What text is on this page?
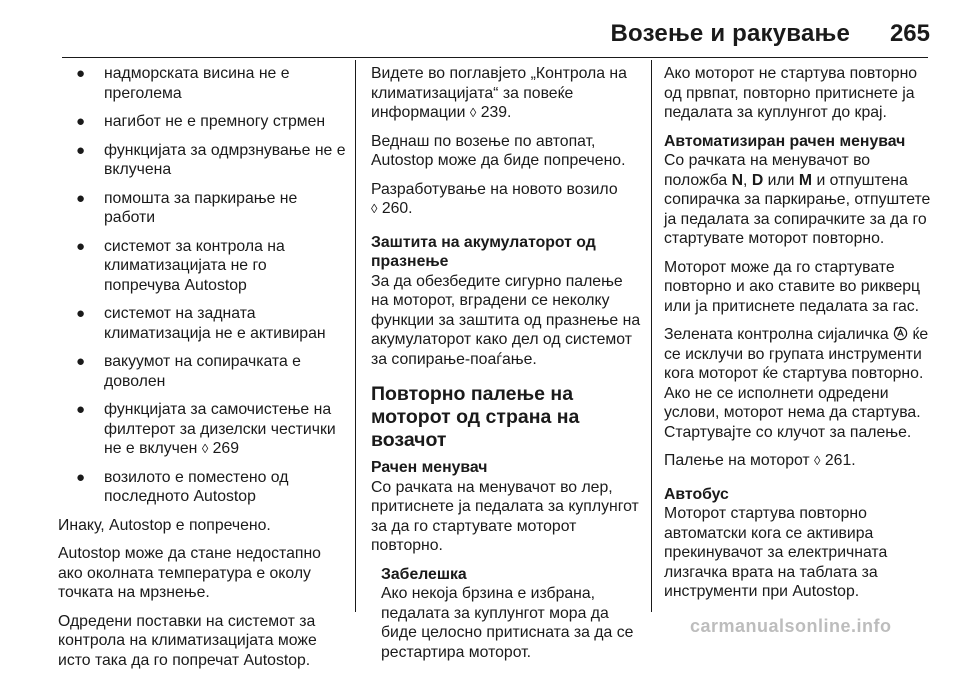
Возење и ракување 265
● надморската висина не е преголема
● нагибот не е премногу стрмен
● функцијата за одмрзнување не е вклучена
● помошта за паркирање не работи
● системот за контрола на климатизацијата не го попречува Autostop
● системот на задната климатизација не е активиран
● вакуумот на сопирачката е доволен
● функцијата за самочистење на филтерот за дизелски честички не е вклучен ◊ 269
● возилото е поместено од последното Autostop

Инаку, Autostop е попречено.

Autostop може да стане недостапно ако околната температура е околу точката на мрзнење.

Одредени поставки на системот за контрола на климатизацијата може исто така да го попречат Autostop.

Видете во поглавјето „Контрола на климатизацијата“ за повеќе информации ◊ 239.

Веднаш по возење по автопат, Autostop може да биде попречено.

Разработување на новото возило
◊ 260.

Заштита на акумулаторот од празнење

За да обезбедите сигурно палење на моторот, вградени се неколку функции за заштита од празнење на акумулаторот како дел од системот за сопирање-поаѓање.

Повторно палење на моторот од страна на возачот

Рачен менувач

Со рачката на менувачот во лер, притиснете ја педалата за куплунгот за да го стартувате моторот повторно.

Забелешка

Ако некоја брзина е избрана, педалата за куплунгот мора да биде целосно притисната за да се рестартира моторот.

Ако моторот не стартува повторно од првпат, повторно притиснете ја педалата за куплунгот до крај.

Автоматизиран рачен менувач

Со рачката на менувачот во положба N, D или M и отпуштена сопирачка за паркирање, отпуштете ја педалата за сопирачките за да го стартувате моторот повторно.

Моторот може да го стартувате повторно и ако ставите во рикверц или ја притиснете педалата за гас.

Зелената контролна сијаличка ќе се исклучи во групата инструменти кога моторот ќе стартува повторно. Ако не се исполнети одредени услови, моторот нема да стартува. Стартувајте со клучот за палење.

Палење на моторот ◊ 261.

Автобус

Моторот стартува повторно автоматски кога се активира прекинувачот за електричната лизгачка врата на таблата за инструменти при Autostop.

carmanualsonline.info
